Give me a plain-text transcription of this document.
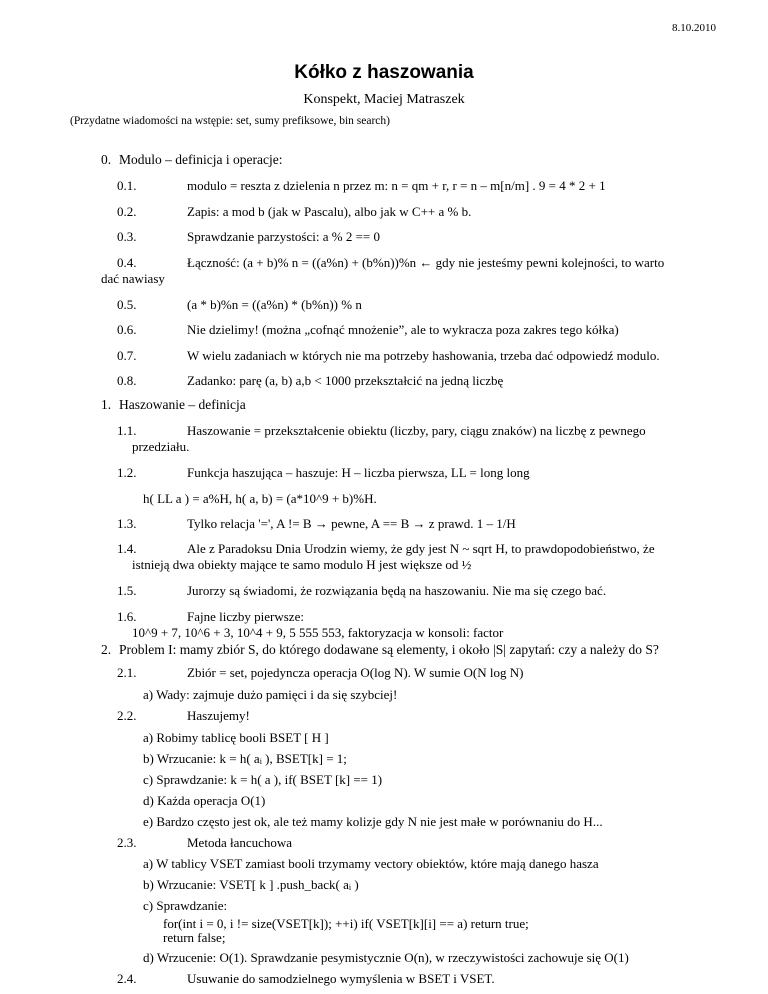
8.10.2010
Kółko z haszowania
Konspekt, Maciej Matraszek
(Przydatne wiadomości na wstępie: set, sumy prefiksowe, bin search)
0. Modulo – definicja i operacje:
0.1.	modulo = reszta z dzielenia n przez m: n = qm + r, r = n – m[n/m] . 9 = 4 * 2 + 1
0.2.	Zapis: a mod b (jak w Pascalu), albo jak w C++ a % b.
0.3.	Sprawdzanie parzystości: a % 2 == 0
0.4.	Łączność: (a + b)% n = ((a%n) + (b%n))%n ← gdy nie jesteśmy pewni kolejności, to warto
dać nawiasy
0.5.	(a * b)%n = ((a%n) * (b%n)) % n
0.6.	Nie dzielimy! (można „cofnąć mnożenie”, ale to wykracza poza zakres tego kółka)
0.7.	W wielu zadaniach w których nie ma potrzeby hashowania, trzeba dać odpowiedź modulo.
0.8.	Zadanko: parę (a, b) a,b < 1000 przekształcić na jedną liczbę
1. Haszowanie – definicja
1.1.	Haszowanie = przekształcenie obiektu (liczby, pary, ciągu znaków) na liczbę z pewnego
przedziału.
1.2.	Funkcja haszująca – haszuje: H – liczba pierwsza, LL = long long
h( LL a ) = a%H, h( a, b) = (a*10^9 + b)%H.
1.3.	Tylko relacja '=', A != B → pewne, A == B → z prawd. 1 – 1/H
1.4.	Ale z Paradoksu Dnia Urodzin wiemy, że gdy jest N ~ sqrt H, to prawdopodobieństwo, że
istnieją dwa obiekty mające te samo modulo H jest większe od ½
1.5.	Jurorzy są świadomi, że rozwiązania będą na haszowaniu. Nie ma się czego bać.
1.6.	Fajne liczby pierwsze:
10^9 + 7, 10^6 + 3, 10^4 + 9, 5 555 553, faktoryzacja w konsoli: factor
2. Problem I: mamy zbiór S, do którego dodawane są elementy, i około |S| zapytań: czy a należy do S?
2.1.	Zbiór = set, pojedyncza operacja O(log N). W sumie O(N log N)
a) Wady: zajmuje dużo pamięci i da się szybciej!
2.2.	Haszujemy!
a) Robimy tablicę booli BSET [ H ]
b) Wrzucanie: k = h( $a_i$ ), BSET[k] = 1;
c) Sprawdzanie: k = h( a ), if( BSET [k] == 1)
d) Każda operacja O(1)
e) Bardzo często jest ok, ale też mamy kolizje gdy N nie jest małe w porównaniu do H...
2.3.	Metoda łancuchowa
a) W tablicy VSET zamiast booli trzymamy vectory obiektów, które mają danego hasza
b) Wrzucanie: VSET[ k ] .push_back( $a_i$ )
c) Sprawdzanie:
for(int i = 0, i != size(VSET[k]); ++i) if( VSET[k][i] == a) return true;
return false;
d) Wrzucenie: O(1). Sprawdzanie pesymistycznie O(n), w rzeczywistości zachowuje się O(1)
2.4.	Usuwanie do samodzielnego wymyślenia w BSET i VSET.
